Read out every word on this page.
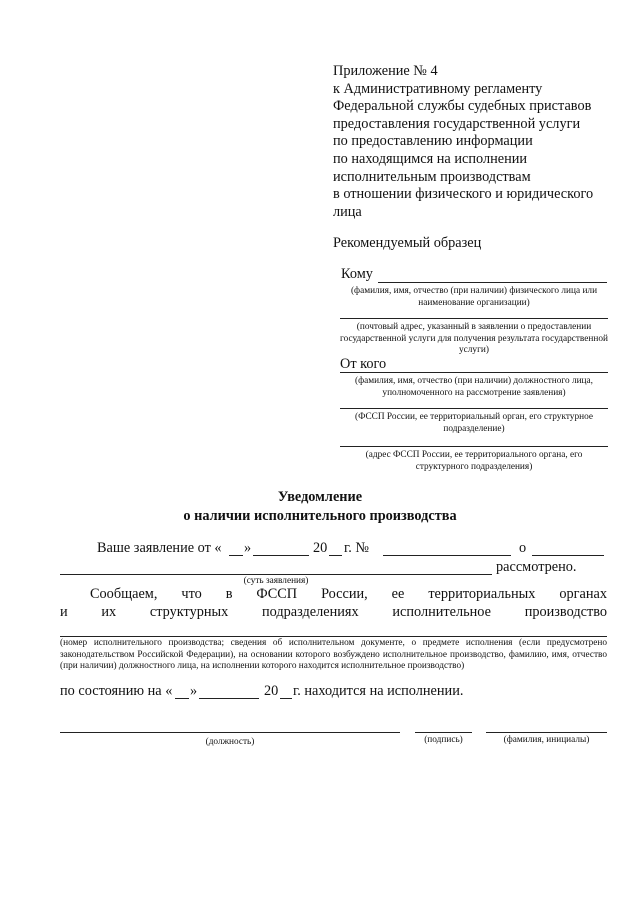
Приложение № 4
к Административному регламенту
Федеральной службы судебных приставов
предоставления государственной услуги
по предоставлению информации
по находящимся на исполнении
исполнительным производствам
в отношении физического и юридического
лица
Рекомендуемый образец
Кому
(фамилия, имя, отчество (при наличии) физического лица или наименование организации)
(почтовый адрес, указанный в заявлении о предоставлении государственной услуги для получения результата государственной услуги)
От кого
(фамилия, имя, отчество (при наличии) должностного лица, уполномоченного на рассмотрение заявления)
(ФССП России, ее территориальный орган, его структурное подразделение)
(адрес ФССП России, ее территориального органа, его структурного подразделения)
Уведомление
о наличии исполнительного производства
Ваше заявление от « »	20 г. №	о
рассмотрено.
(суть заявления)
Сообщаем, что в ФССП России, ее территориальных органах
и их структурных подразделениях исполнительное производство
(номер исполнительного производства; сведения об исполнительном документе, о предмете исполнения (если предусмотрено законодательством Российской Федерации), на основании которого возбуждено исполнительное производство, фамилию, имя, отчество (при наличии) должностного лица, на исполнении которого находится исполнительное производство)
по состоянию на « »	20 г. находится на исполнении.
(должность)	(подпись)	(фамилия, инициалы)
